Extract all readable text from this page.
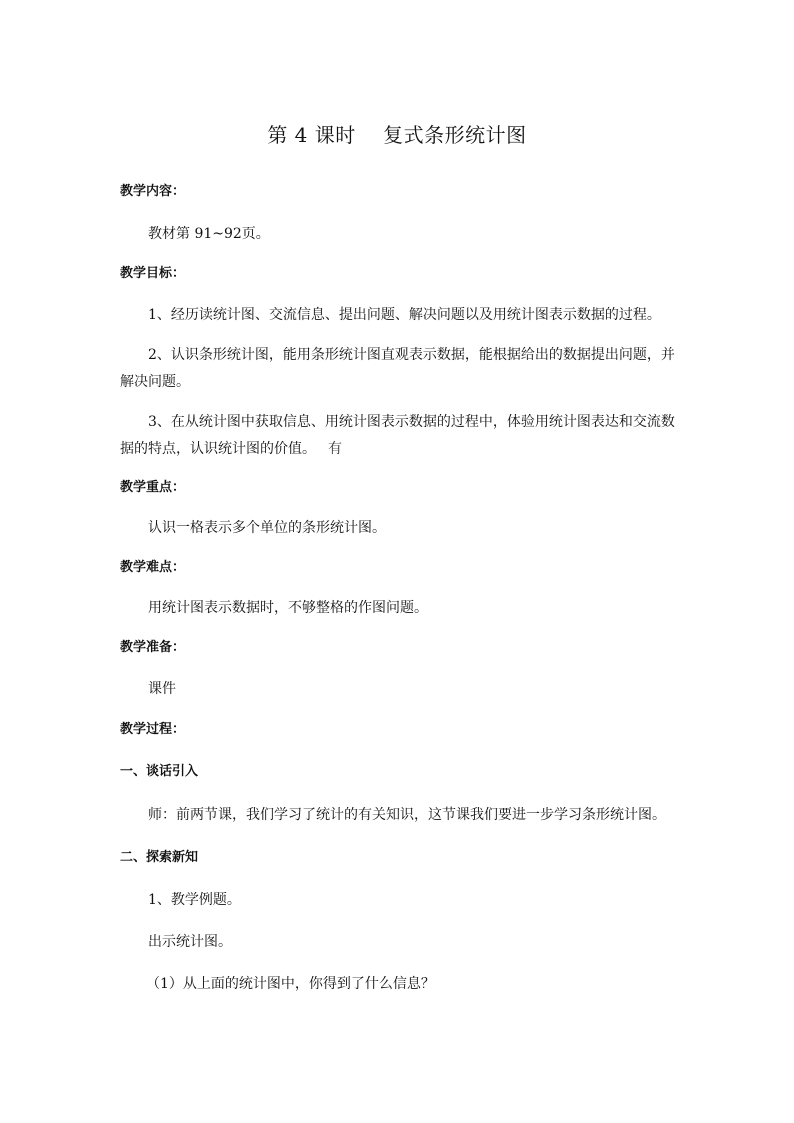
第 4 课时    复式条形统计图
教学内容：
教材第 91~92页。
教学目标：
1、经历读统计图、交流信息、提出问题、解决问题以及用统计图表示数据的过程。
2、认识条形统计图，能用条形统计图直观表示数据，能根据给出的数据提出问题，并
解决问题。
3、在从统计图中获取信息、用统计图表示数据的过程中，体验用统计图表达和交流数
据的特点，认识统计图的价值。 有
教学重点：
认识一格表示多个单位的条形统计图。
教学难点：
用统计图表示数据时，不够整格的作图问题。
教学准备：
课件
教学过程：
一、谈话引入
师：前两节课，我们学习了统计的有关知识，这节课我们要进一步学习条形统计图。
二、探索新知
1、教学例题。
出示统计图。
（1）从上面的统计图中，你得到了什么信息？
